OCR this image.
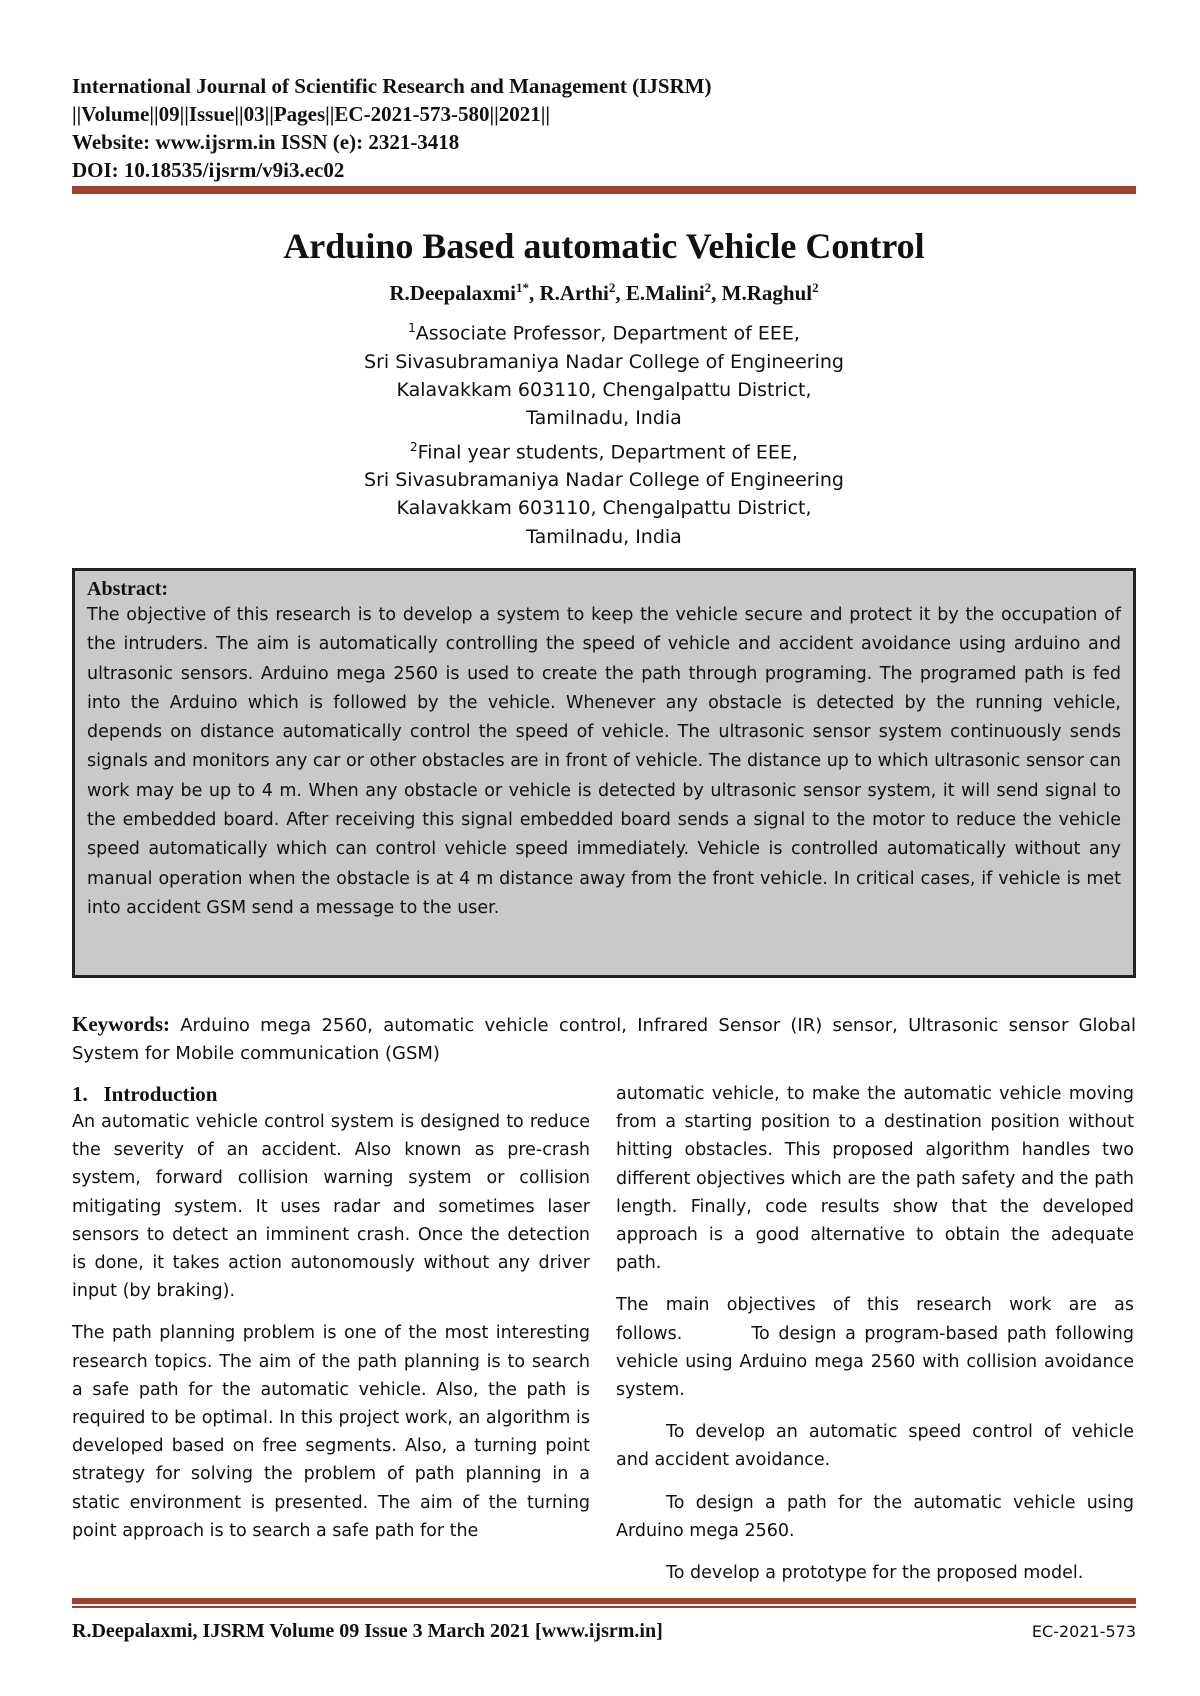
International Journal of Scientific Research and Management (IJSRM)
||Volume||09||Issue||03||Pages||EC-2021-573-580||2021||
Website: www.ijsrm.in ISSN (e): 2321-3418
DOI: 10.18535/ijsrm/v9i3.ec02
Arduino Based automatic Vehicle Control
R.Deepalaxmi$^{1*}$, R.Arthi$^2$, E.Malini$^2$, M.Raghul$^2$
$^1$Associate Professor, Department of EEE,
Sri Sivasubramaniya Nadar College of Engineering
Kalavakkam 603110, Chengalpattu District,
Tamilnadu, India
$^2$Final year students, Department of EEE,
Sri Sivasubramaniya Nadar College of Engineering
Kalavakkam 603110, Chengalpattu District,
Tamilnadu, India
Abstract:
The objective of this research is to develop a system to keep the vehicle secure and protect it by the occupation of the intruders. The aim is automatically controlling the speed of vehicle and accident avoidance using arduino and ultrasonic sensors. Arduino mega 2560 is used to create the path through programing. The programed path is fed into the Arduino which is followed by the vehicle. Whenever any obstacle is detected by the running vehicle, depends on distance automatically control the speed of vehicle. The ultrasonic sensor system continuously sends signals and monitors any car or other obstacles are in front of vehicle. The distance up to which ultrasonic sensor can work may be up to 4 m. When any obstacle or vehicle is detected by ultrasonic sensor system, it will send signal to the embedded board. After receiving this signal embedded board sends a signal to the motor to reduce the vehicle speed automatically which can control vehicle speed immediately. Vehicle is controlled automatically without any manual operation when the obstacle is at 4 m distance away from the front vehicle. In critical cases, if vehicle is met into accident GSM send a message to the user.
Keywords: Arduino mega 2560, automatic vehicle control, Infrared Sensor (IR) sensor, Ultrasonic sensor Global System for Mobile communication (GSM)
1.   Introduction

An automatic vehicle control system is designed to reduce the severity of an accident. Also known as pre-crash system, forward collision warning system or collision mitigating system. It uses radar and sometimes laser sensors to detect an imminent crash. Once the detection is done, it takes action autonomously without any driver input (by braking).

The path planning problem is one of the most interesting research topics. The aim of the path planning is to search a safe path for the automatic vehicle. Also, the path is required to be optimal. In this project work, an algorithm is developed based on free segments. Also, a turning point strategy for solving the problem of path planning in a static environment is presented. The aim of the turning point approach is to search a safe path for the

automatic vehicle, to make the automatic vehicle moving from a starting position to a destination position without hitting obstacles. This proposed algorithm handles two different objectives which are the path safety and the path length. Finally, code results show that the developed approach is a good alternative to obtain the adequate path.

The main objectives of this research work are as follows.        To design a program-based path following vehicle using Arduino mega 2560 with collision avoidance system.

To develop an automatic speed control of vehicle and accident avoidance.

To design a path for the automatic vehicle using Arduino mega 2560.

To develop a prototype for the proposed model.

R.Deepalaxmi, IJSRM Volume 09 Issue 3 March 2021 [www.ijsrm.in]	EC-2021-573
